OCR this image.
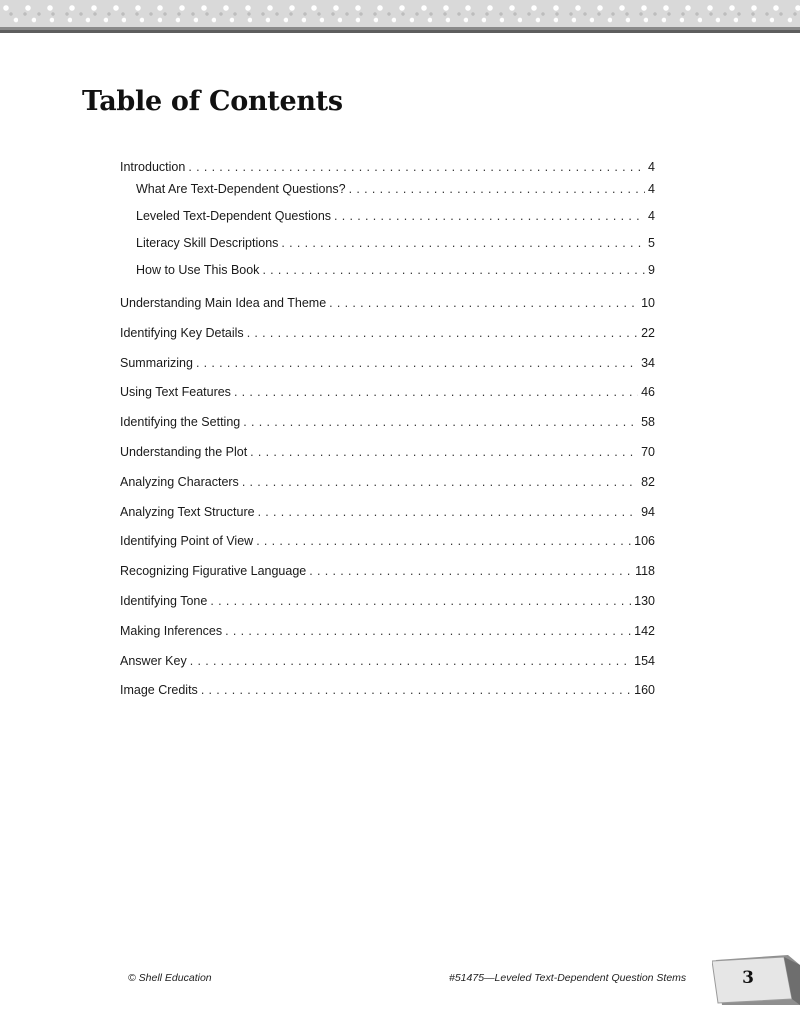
Table of Contents
Introduction . . .	4
What Are Text-Dependent Questions? . . .	4
Leveled Text-Dependent Questions . . .	4
Literacy Skill Descriptions . . .	5
How to Use This Book . . .	9
Understanding Main Idea and Theme . . .	10
Identifying Key Details . . .	22
Summarizing . . .	34
Using Text Features . . .	46
Identifying the Setting . . .	58
Understanding the Plot . . .	70
Analyzing Characters . . .	82
Analyzing Text Structure . . .	94
Identifying Point of View . . .	106
Recognizing Figurative Language . . .	118
Identifying Tone . . .	130
Making Inferences . . .	142
Answer Key . . .	154
Image Credits . . .	160
© Shell Education	#51475—Leveled Text-Dependent Question Stems	3
